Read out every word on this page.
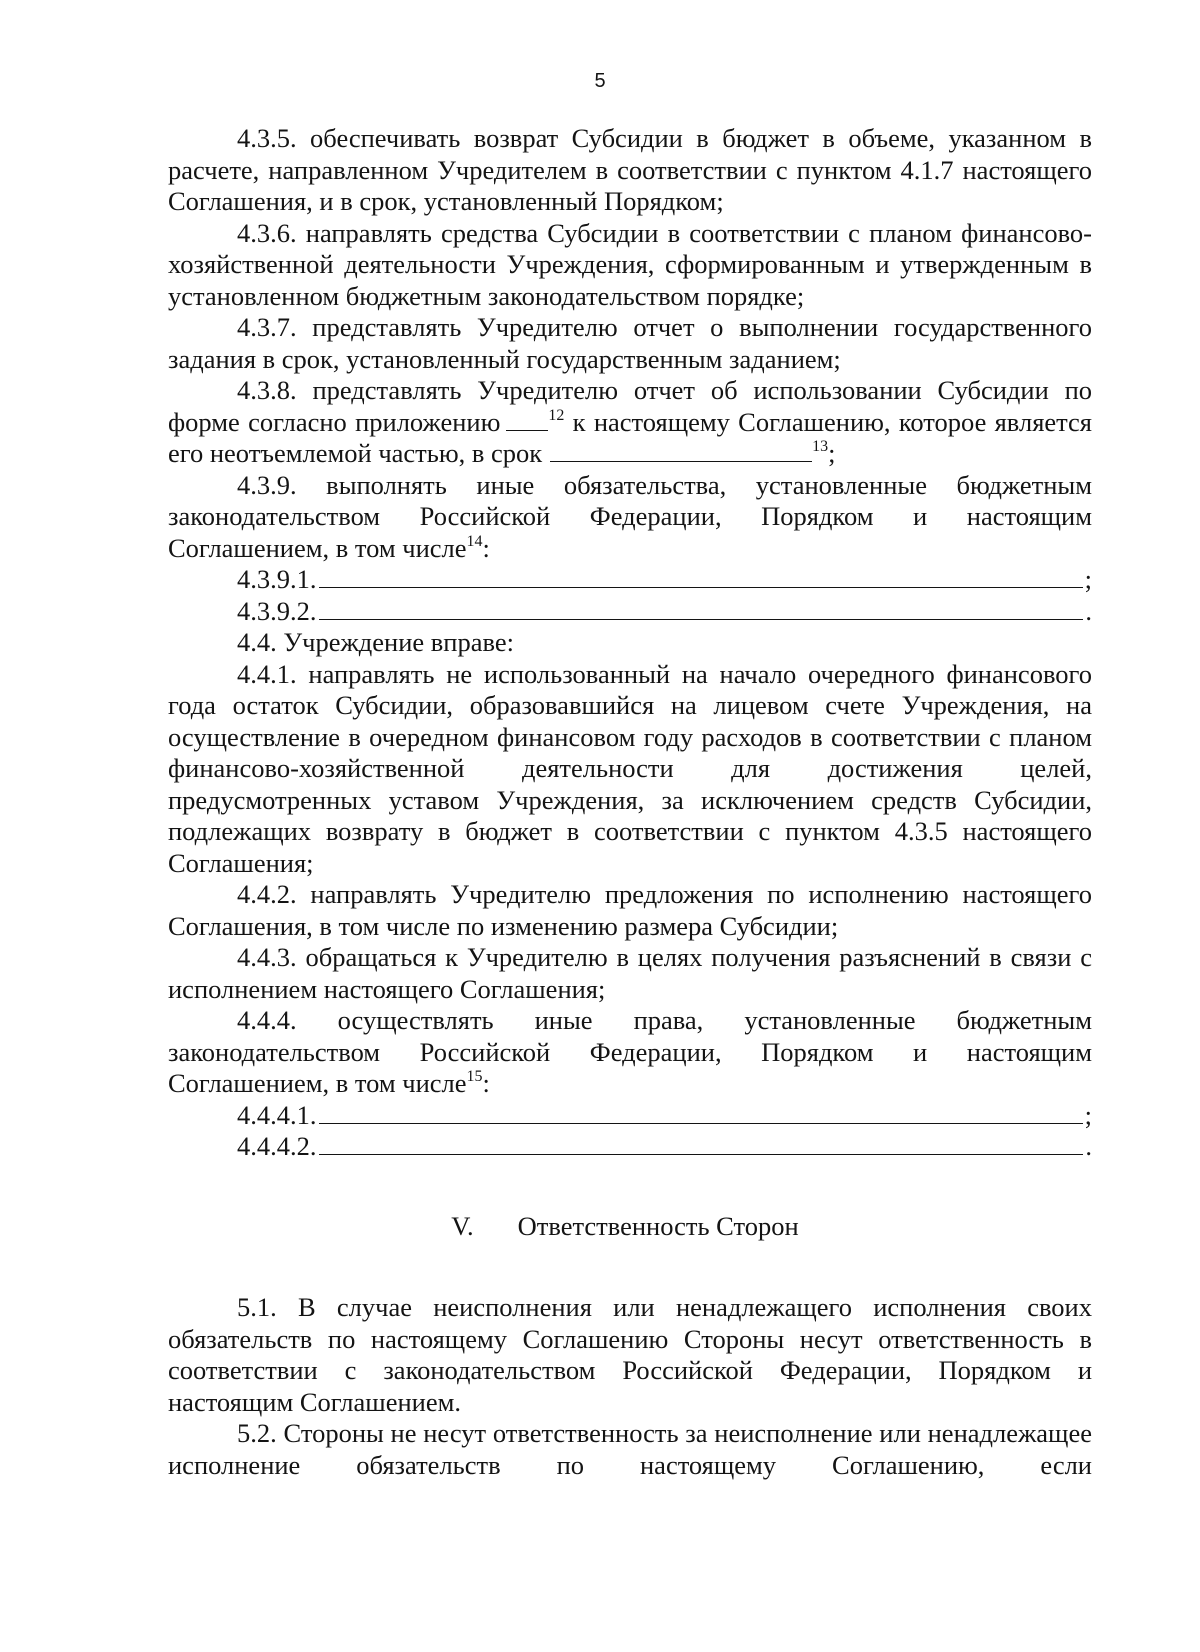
5

4.3.5. обеспечивать возврат Субсидии в бюджет в объеме, указанном в расчете, направленном Учредителем в соответствии с пунктом 4.1.7 настоящего Соглашения, и в срок, установленный Порядком;

4.3.6. направлять средства Субсидии в соответствии с планом финансово-хозяйственной деятельности Учреждения, сформированным и утвержденным в установленном бюджетным законодательством порядке;

4.3.7. представлять Учредителю отчет о выполнении государственного задания в срок, установленный государственным заданием;

4.3.8. представлять Учредителю отчет об использовании Субсидии по форме согласно приложению	$^{12}$ к настоящему Соглашению, которое является его неотъемлемой частью, в срок	$^{13}$;

4.3.9. выполнять иные обязательства, установленные бюджетным законодательством Российской Федерации, Порядком и настоящим Соглашением, в том числе$^{14}$:

4.3.9.1.	;
4.3.9.2.	.

4.4. Учреждение вправе:

4.4.1. направлять не использованный на начало очередного финансового года остаток Субсидии, образовавшийся на лицевом счете Учреждения, на осуществление в очередном финансовом году расходов в соответствии с планом финансово-хозяйственной деятельности для достижения целей, предусмотренных уставом Учреждения, за исключением средств Субсидии, подлежащих возврату в бюджет в соответствии с пунктом 4.3.5 настоящего Соглашения;

4.4.2. направлять Учредителю предложения по исполнению настоящего Соглашения, в том числе по изменению размера Субсидии;

4.4.3. обращаться к Учредителю в целях получения разъяснений в связи с исполнением настоящего Соглашения;

4.4.4. осуществлять иные права, установленные бюджетным законодательством Российской Федерации, Порядком и настоящим Соглашением, в том числе$^{15}$:

4.4.4.1.	;
4.4.4.2.	.
V. Ответственность Сторон

5.1. В случае неисполнения или ненадлежащего исполнения своих обязательств по настоящему Соглашению Стороны несут ответственность в соответствии с законодательством Российской Федерации, Порядком и настоящим Соглашением.

5.2. Стороны не несут ответственность за неисполнение или ненадлежащее исполнение обязательств по настоящему Соглашению, если
